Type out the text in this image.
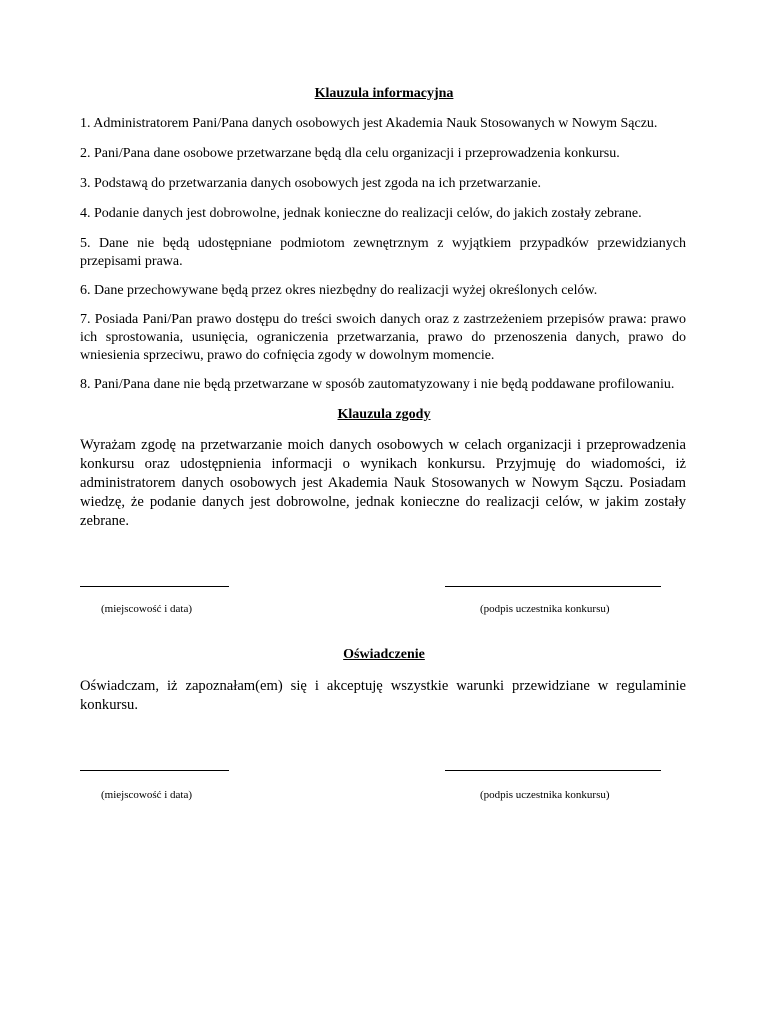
Klauzula informacyjna
1. Administratorem Pani/Pana danych osobowych jest Akademia Nauk Stosowanych w Nowym Sączu.
2. Pani/Pana dane osobowe przetwarzane będą dla celu organizacji i przeprowadzenia konkursu.
3. Podstawą do przetwarzania danych osobowych jest zgoda na ich przetwarzanie.
4. Podanie danych jest dobrowolne, jednak konieczne do realizacji celów, do jakich zostały zebrane.
5. Dane nie będą udostępniane podmiotom zewnętrznym z wyjątkiem przypadków przewidzianych przepisami prawa.
6. Dane przechowywane będą przez okres niezbędny do realizacji wyżej określonych celów.
7. Posiada Pani/Pan prawo dostępu do treści swoich danych oraz z zastrzeżeniem przepisów prawa: prawo ich sprostowania, usunięcia, ograniczenia przetwarzania, prawo do przenoszenia danych, prawo do wniesienia sprzeciwu, prawo do cofnięcia zgody w dowolnym momencie.
8. Pani/Pana dane nie będą przetwarzane w sposób zautomatyzowany i nie będą poddawane profilowaniu.
Klauzula zgody
Wyrażam zgodę na przetwarzanie moich danych osobowych w celach organizacji i przeprowadzenia konkursu oraz udostępnienia informacji o wynikach konkursu. Przyjmuję do wiadomości, iż administratorem danych osobowych jest Akademia Nauk Stosowanych w Nowym Sączu. Posiadam wiedzę, że podanie danych jest dobrowolne, jednak konieczne do realizacji celów, w jakim zostały zebrane.
(miejscowość i data)	(podpis uczestnika konkursu)
Oświadczenie
Oświadczam, iż zapoznałam(em) się i akceptuję wszystkie warunki przewidziane w regulaminie konkursu.
(miejscowość i data)	(podpis uczestnika konkursu)
